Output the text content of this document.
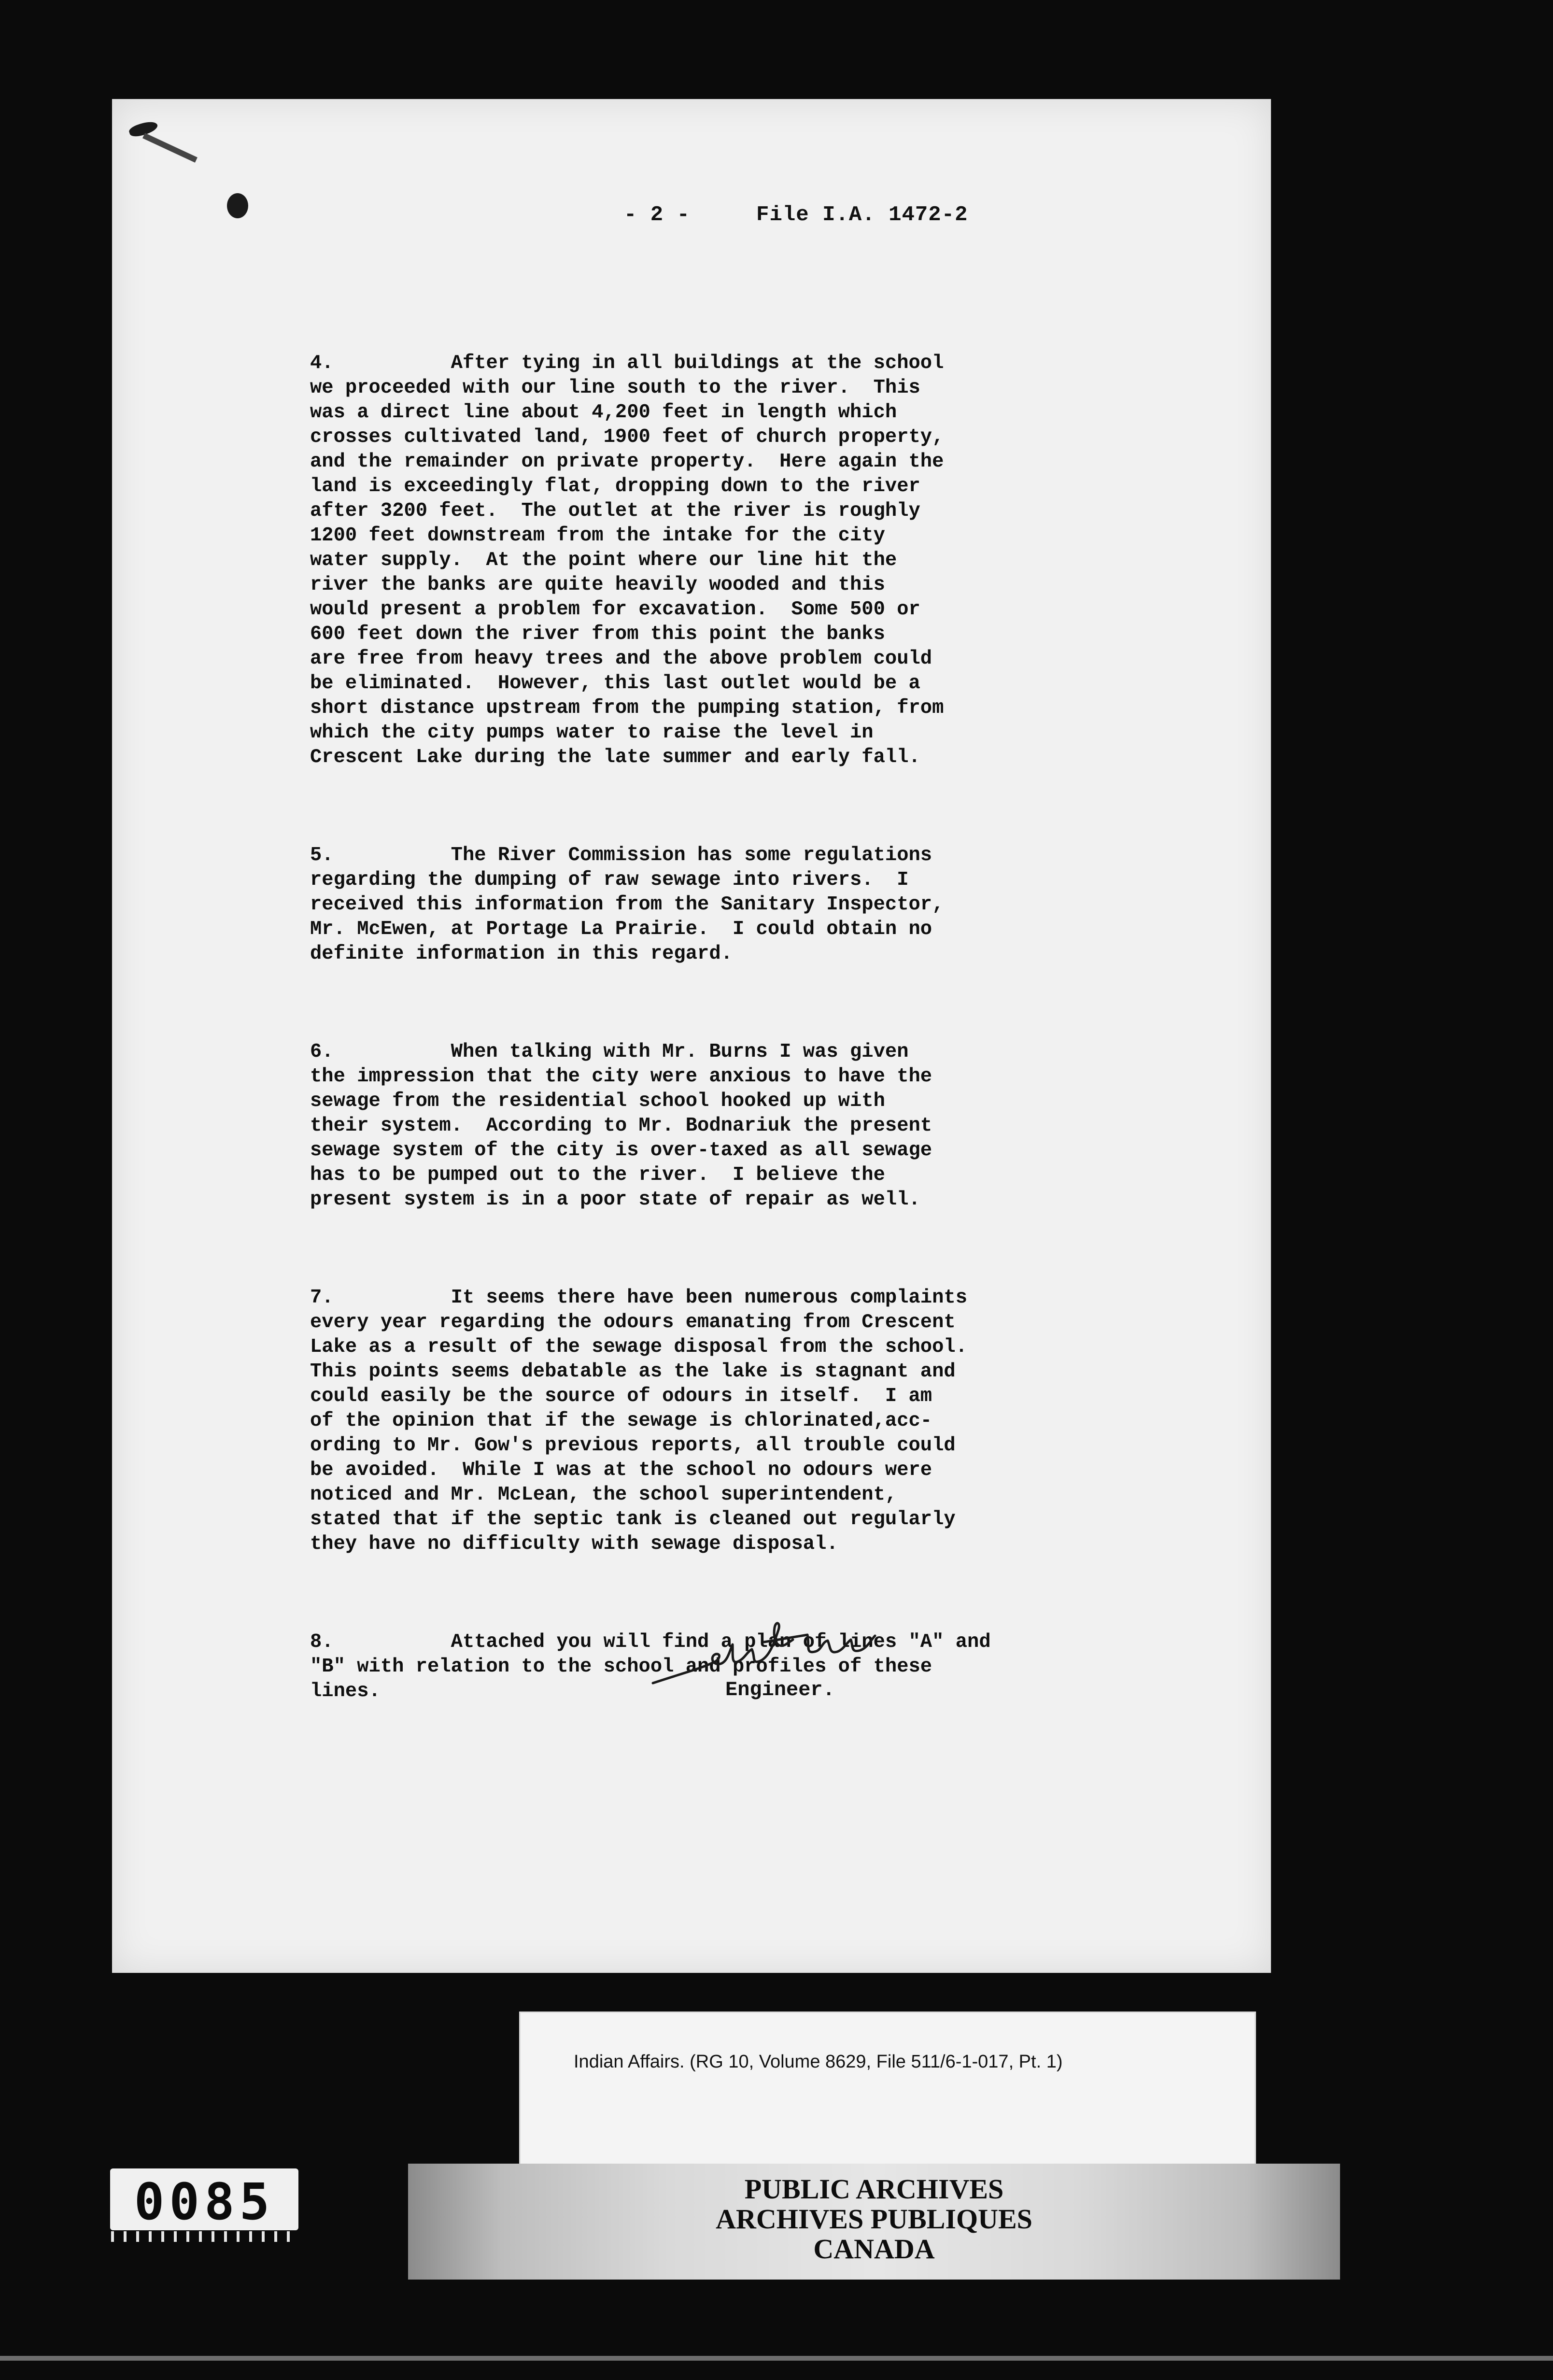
- 2 -     File I.A. 1472-2

4.          After tying in all buildings at the school
we proceeded with our line south to the river.  This
was a direct line about 4,200 feet in length which
crosses cultivated land, 1900 feet of church property,
and the remainder on private property.  Here again the
land is exceedingly flat, dropping down to the river
after 3200 feet.  The outlet at the river is roughly
1200 feet downstream from the intake for the city
water supply.  At the point where our line hit the
river the banks are quite heavily wooded and this
would present a problem for excavation.  Some 500 or
600 feet down the river from this point the banks
are free from heavy trees and the above problem could
be eliminated.  However, this last outlet would be a
short distance upstream from the pumping station, from
which the city pumps water to raise the level in
Crescent Lake during the late summer and early fall.

5.          The River Commission has some regulations
regarding the dumping of raw sewage into rivers.  I
received this information from the Sanitary Inspector,
Mr. McEwen, at Portage La Prairie.  I could obtain no
definite information in this regard.

6.          When talking with Mr. Burns I was given
the impression that the city were anxious to have the
sewage from the residential school hooked up with
their system.  According to Mr. Bodnariuk the present
sewage system of the city is over-taxed as all sewage
has to be pumped out to the river.  I believe the
present system is in a poor state of repair as well.

7.          It seems there have been numerous complaints
every year regarding the odours emanating from Crescent
Lake as a result of the sewage disposal from the school.
This points seems debatable as the lake is stagnant and
could easily be the source of odours in itself.  I am
of the opinion that if the sewage is chlorinated,acc-
ording to Mr. Gow's previous reports, all trouble could
be avoided.  While I was at the school no odours were
noticed and Mr. McLean, the school superintendent,
stated that if the septic tank is cleaned out regularly
they have no difficulty with sewage disposal.

8.          Attached you will find a plan of lines "A" and
"B" with relation to the school and profiles of these
lines.

	Engineer.
Indian Affairs. (RG 10, Volume 8629, File 511/6-1-017, Pt. 1)
0085	PUBLIC ARCHIVES
ARCHIVES PUBLIQUES
CANADA
